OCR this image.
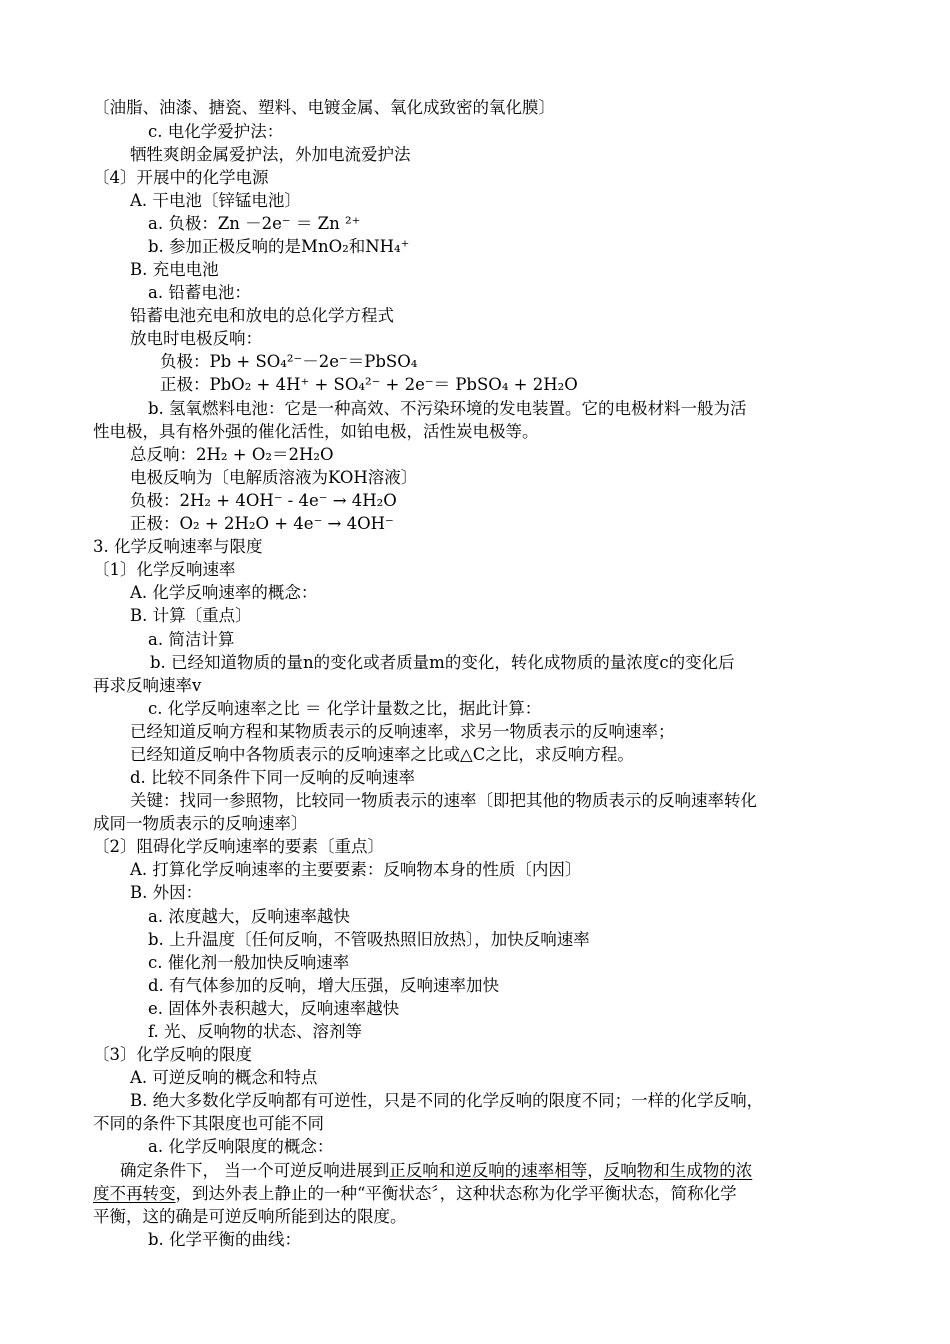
〔油脂、油漆、搪瓷、塑料、电镀金属、氧化成致密的氧化膜〕
c. 电化学爱护法：
牺牲爽朗金属爱护法，外加电流爱护法
〔4〕开展中的化学电源
A. 干电池〔锌锰电池〕
a. 负极：Zn －2e⁻ ＝ Zn ²⁺
b. 参加正极反响的是MnO₂和NH₄⁺
B. 充电电池
a. 铅蓄电池：
铅蓄电池充电和放电的总化学方程式
放电时电极反响：
负极：Pb + SO₄²⁻－2e⁻＝PbSO₄
正极：PbO₂ + 4H⁺ + SO₄²⁻ + 2e⁻＝ PbSO₄ + 2H₂O
b. 氢氧燃料电池：它是一种高效、不污染环境的发电装置。它的电极材料一般为活
性电极，具有格外强的催化活性，如铂电极，活性炭电极等。
总反响：2H₂ + O₂＝2H₂O
电极反响为〔电解质溶液为KOH溶液〕
负极：2H₂ + 4OH⁻ - 4e⁻ → 4H₂O
正极：O₂ + 2H₂O + 4e⁻ → 4OH⁻
3. 化学反响速率与限度
〔1〕化学反响速率
A. 化学反响速率的概念：
B. 计算〔重点〕
a. 简洁计算
b. 已经知道物质的量n的变化或者质量m的变化，转化成物质的量浓度c的变化后
再求反响速率v
c. 化学反响速率之比 ＝ 化学计量数之比，据此计算：
已经知道反响方程和某物质表示的反响速率，求另一物质表示的反响速率；
已经知道反响中各物质表示的反响速率之比或△C之比，求反响方程。
d. 比较不同条件下同一反响的反响速率
关键：找同一参照物，比较同一物质表示的速率〔即把其他的物质表示的反响速率转化
成同一物质表示的反响速率〕
〔2〕阻碍化学反响速率的要素〔重点〕
A. 打算化学反响速率的主要要素：反响物本身的性质〔内因〕
B. 外因：
a. 浓度越大，反响速率越快
b. 上升温度〔任何反响，不管吸热照旧放热〕，加快反响速率
c. 催化剂一般加快反响速率
d. 有气体参加的反响，增大压强，反响速率加快
e. 固体外表积越大，反响速率越快
f. 光、反响物的状态、溶剂等
〔3〕化学反响的限度
A. 可逆反响的概念和特点
B. 绝大多数化学反响都有可逆性，只是不同的化学反响的限度不同；一样的化学反响，
不同的条件下其限度也可能不同
a. 化学反响限度的概念：
确定条件下， 当一个可逆反响进展到正反响和逆反响的速率相等，反响物和生成物的浓
度不再转变，到达外表上静止的一种“平衡状态〞，这种状态称为化学平衡状态，简称化学
平衡，这的确是可逆反响所能到达的限度。
b. 化学平衡的曲线：
